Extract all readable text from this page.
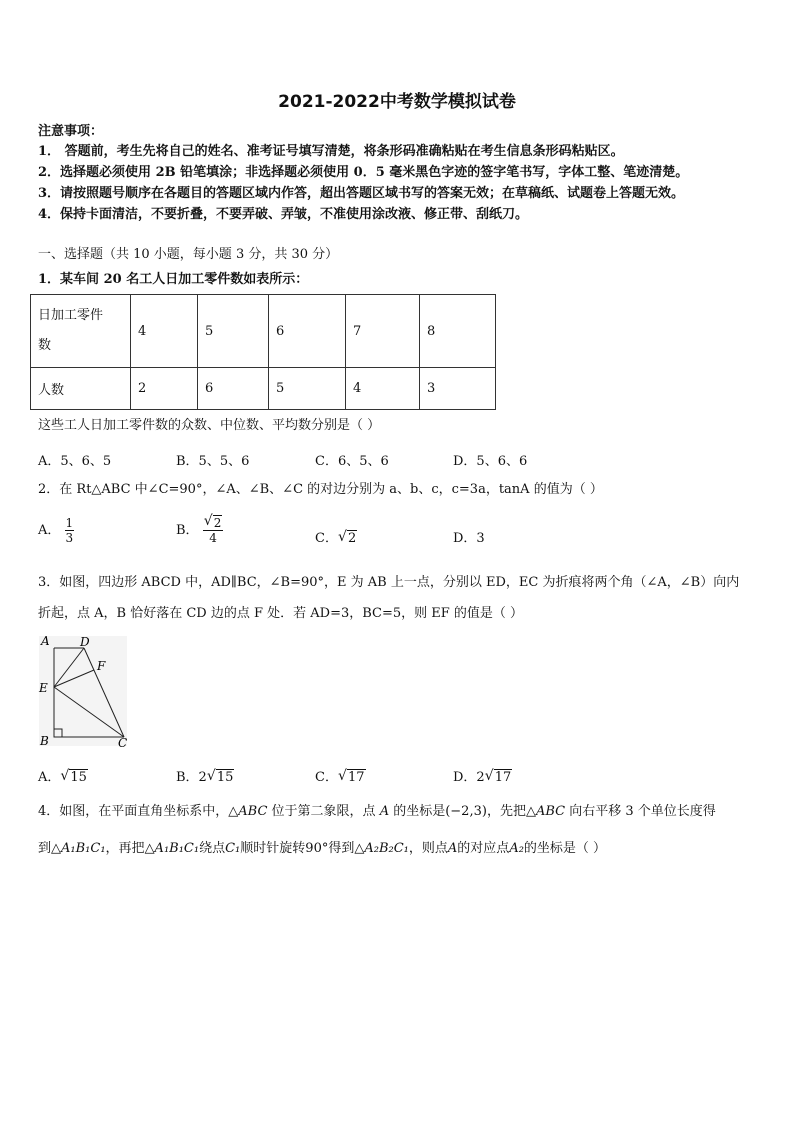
2021-2022中考数学模拟试卷
注意事项：
1． 答题前，考生先将自己的姓名、准考证号填写清楚，将条形码准确粘贴在考生信息条形码粘贴区。
2．选择题必须使用 2B 铅笔填涂；非选择题必须使用 0．5 毫米黑色字迹的签字笔书写，字体工整、笔迹清楚。
3．请按照题号顺序在各题目的答题区域内作答，超出答题区域书写的答案无效；在草稿纸、试题卷上答题无效。
4．保持卡面清洁，不要折叠，不要弄破、弄皱，不准使用涂改液、修正带、刮纸刀。
一、选择题（共 10 小题，每小题 3 分，共 30 分）
1．某车间 20 名工人日加工零件数如表所示：
日加工零件
数	4	5	6	7	8
人数	2	6	5	4	3
这些工人日加工零件数的众数、中位数、平均数分别是（ ）
A．5、6、5	B．5、5、6	C．6、5、6	D．5、6、6
2．在 Rt△ABC 中∠C=90°，∠A、∠B、∠C 的对边分别为 a、b、c，c=3a，tanA 的值为（ ）
A． $\frac{1}{3}$	B． $\frac{√ 2}{4}$	C． √ 2	D．3
3．如图，四边形 ABCD 中，AD∥BC，∠B=90°，E 为 AB 上一点，分别以 ED，EC 为折痕将两个角（∠A，∠B）向内
折起，点 A，B 恰好落在 CD 边的点 F 处．若 AD=3，BC=5，则 EF 的值是（ ）
A	D
F
E
B	C
A． √ 15	B．2 √ 15	C． √ 17	D．2 √ 17
4．如图，在平面直角坐标系中，△ABC 位于第二象限，点 A 的坐标是(−2,3)，先把△ABC 向右平移 3 个单位长度得
到△A₁B₁C₁，再把△A₁B₁C₁绕点C₁顺时针旋转90°得到△A₂B₂C₁，则点A的对应点A₂的坐标是（ ）
